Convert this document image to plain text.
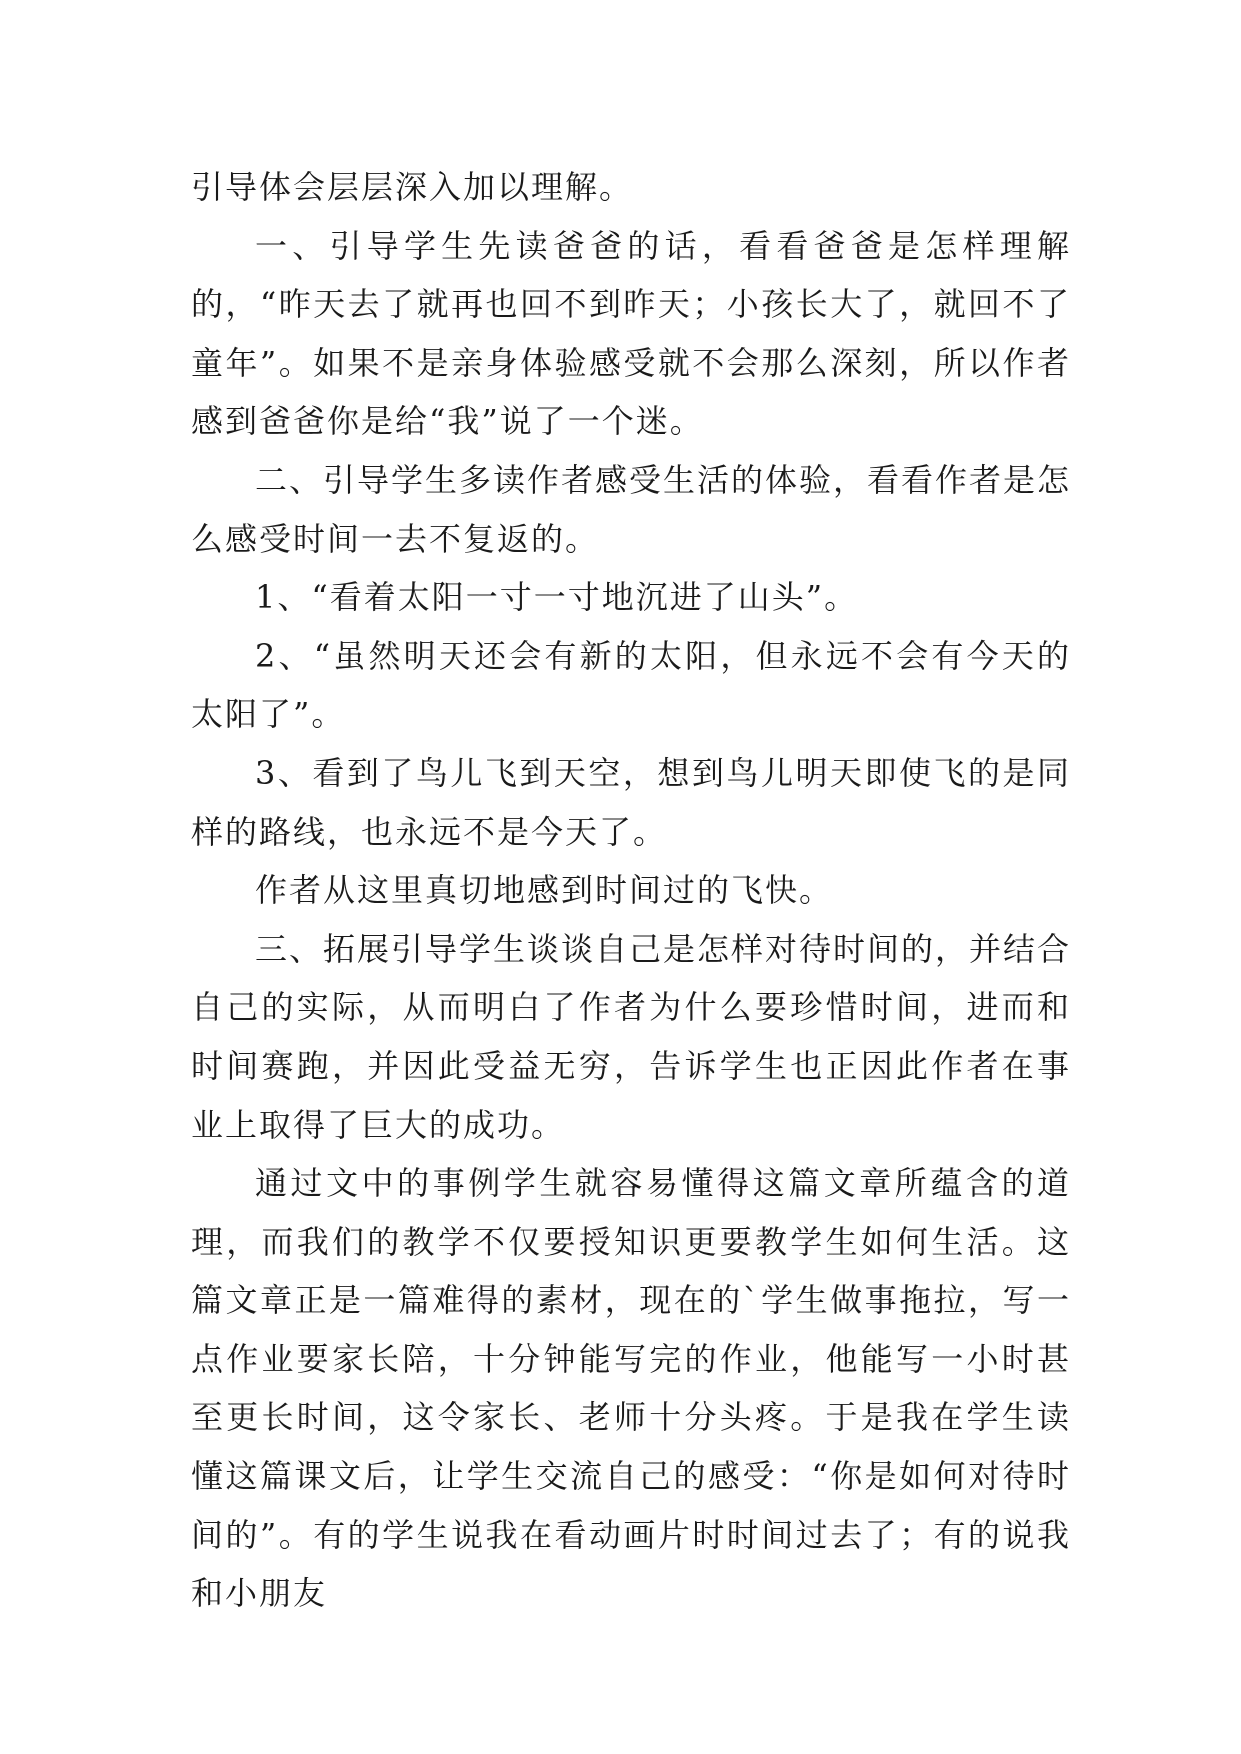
引导体会层层深入加以理解。

一、引导学生先读爸爸的话，看看爸爸是怎样理解的，“昨天去了就再也回不到昨天；小孩长大了，就回不了童年”。如果不是亲身体验感受就不会那么深刻，所以作者感到爸爸你是给“我”说了一个迷。

二、引导学生多读作者感受生活的体验，看看作者是怎么感受时间一去不复返的。

1、“看着太阳一寸一寸地沉进了山头”。

2、“虽然明天还会有新的太阳，但永远不会有今天的太阳了”。

3、看到了鸟儿飞到天空，想到鸟儿明天即使飞的是同样的路线，也永远不是今天了。

作者从这里真切地感到时间过的飞快。

三、拓展引导学生谈谈自己是怎样对待时间的，并结合自己的实际，从而明白了作者为什么要珍惜时间，进而和时间赛跑，并因此受益无穷，告诉学生也正因此作者在事业上取得了巨大的成功。

通过文中的事例学生就容易懂得这篇文章所蕴含的道理，而我们的教学不仅要授知识更要教学生如何生活。这篇文章正是一篇难得的素材，现在的`学生做事拖拉，写一点作业要家长陪，十分钟能写完的作业，他能写一小时甚至更长时间，这令家长、老师十分头疼。于是我在学生读懂这篇课文后，让学生交流自己的感受：“你是如何对待时间的”。有的学生说我在看动画片时时间过去了；有的说我和小朋友
